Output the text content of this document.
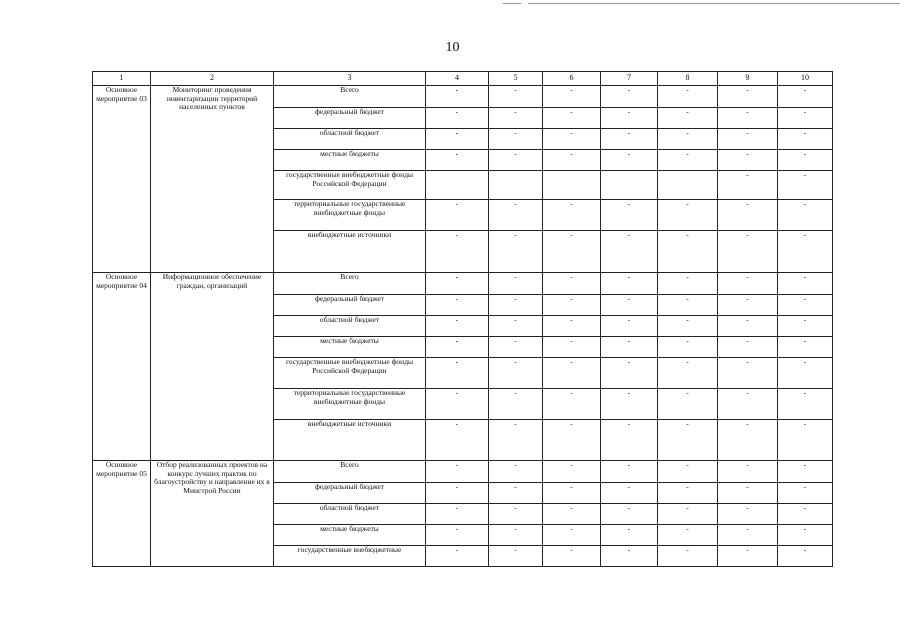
10
1	2	3	4	5	6	7	8	9	10
Основное мероприятие 03	Мониторинг проведения инвентаризации территорий населенных пунктов	Всего	-	-	-	-	-	-	-
		федеральный бюджет	-	-	-	-	-	-	-
		областной бюджет	-	-	-	-	-	-	-
		местные бюджеты	-	-	-	-	-	-	-
		государственные внебюджетные фонды Российской Федерации						-	-
		территориальные государственные внебюджетные фонды	-	-	-	-	-	-	-
		внебюджетные источники	-	-	-	-	-	-	-
Основное мероприятие 04	Информационное обеспечение граждан, организаций	Всего	-	-	-	-	-	-	-
		федеральный бюджет	-	-	-	-	-	-	-
		областной бюджет	-	-	-	-	-	-	-
		местные бюджеты	-	-	-	-	-	-	-
		государственные внебюджетные фонды Российской Федерации	-	-	-	-	-	-	-
		территориальные государственные внебюджетные фонды	-	-	-	-	-	-	-
		внебюджетные источники	-	-	-	-	-	-	-
Основное мероприятие 05	Отбор реализованных проектов на конкурс лучших практик по благоустройству и направление их в Минстрой России	Всего	-	-	-	-	-	-	-
		федеральный бюджет	-	-	-	-	-	-	-
		областной бюджет	-	-	-	-	-	-	-
		местные бюджеты	-	-	-	-	-	-	-
		государственные внебюджетные	-	-	-	-	-	-	-
